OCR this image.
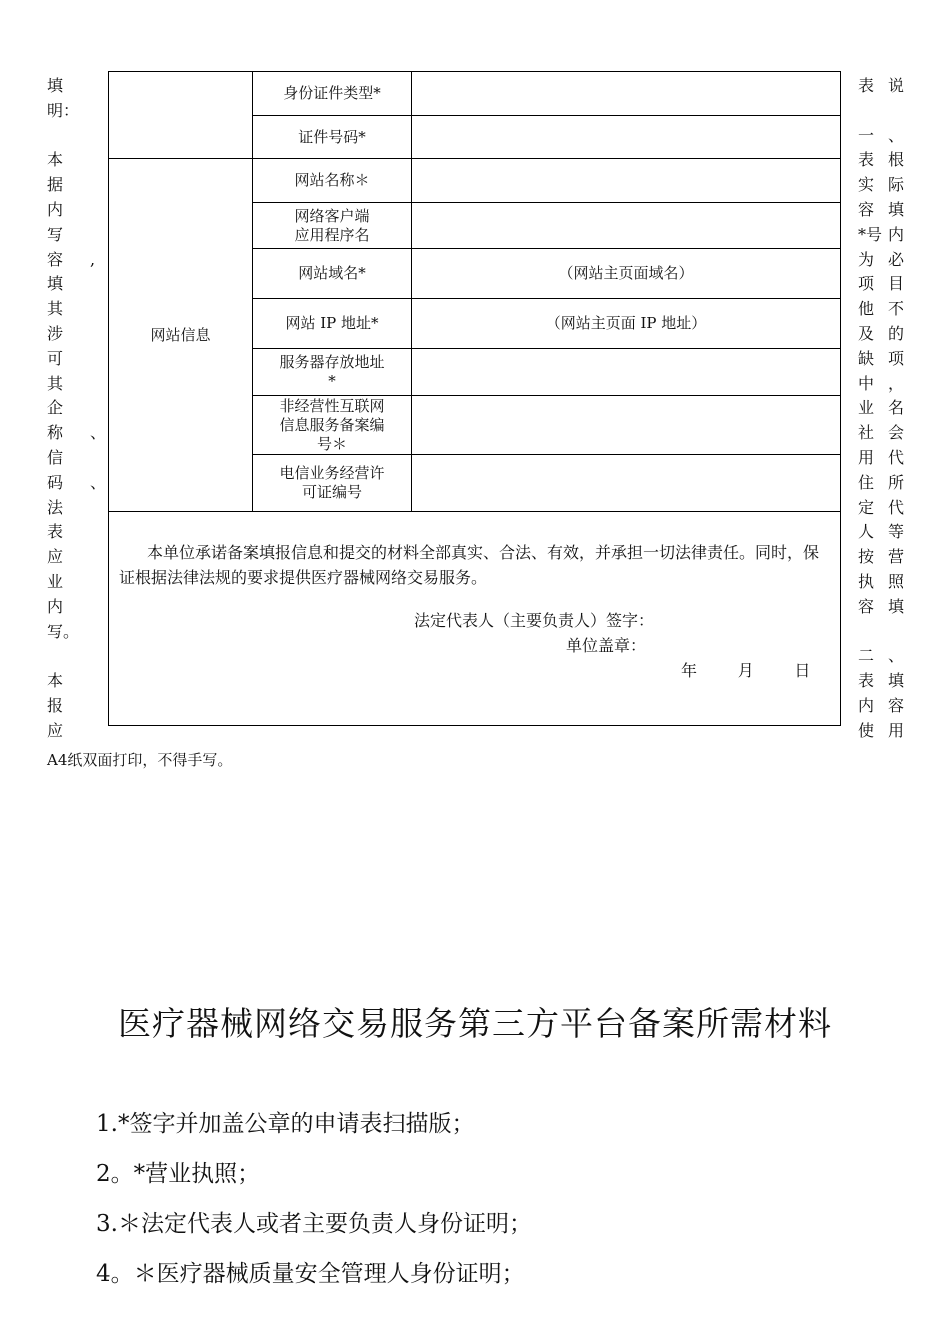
填
明：
本
据
内
写
容
填
其
涉
可
其
企
称
信
码
法
表
应
业
内
写。
本
报
应
,
、
、
表
一
表
实
容
*号
为
项
他
及
缺
中
业
社
用
住
定
人
按
执
容
二
表
内
使
说
、
根
际
填
内
必
目
不
的
项
，
名
会
代
所
代
等
营
照
填
、
填
容
用
A4纸双面打印，不得手写。
	身份证件类型*	
	证件号码*	
网站信息	网站名称＊	
	网络客户端
应用程序名	
	网站域名*	（网站主页面域名）
	网站 IP 地址*	（网站主页面 IP 地址）
	服务器存放地址
*	
	非经营性互联网
信息服务备案编
号＊	
	电信业务经营许
可证编号	

本单位承诺备案填报信息和提交的材料全部真实、合法、有效，并承担一切法律责任。同时，保证根据法律法规的要求提供医疗器械网络交易服务。

法定代表人（主要负责人）签字：

单位盖章：

年        月        日		

医疗器械网络交易服务第三方平台备案所需材料
1.*签字并加盖公章的申请表扫描版；
2。*营业执照；
3.＊法定代表人或者主要负责人身份证明；
4。＊医疗器械质量安全管理人身份证明；
